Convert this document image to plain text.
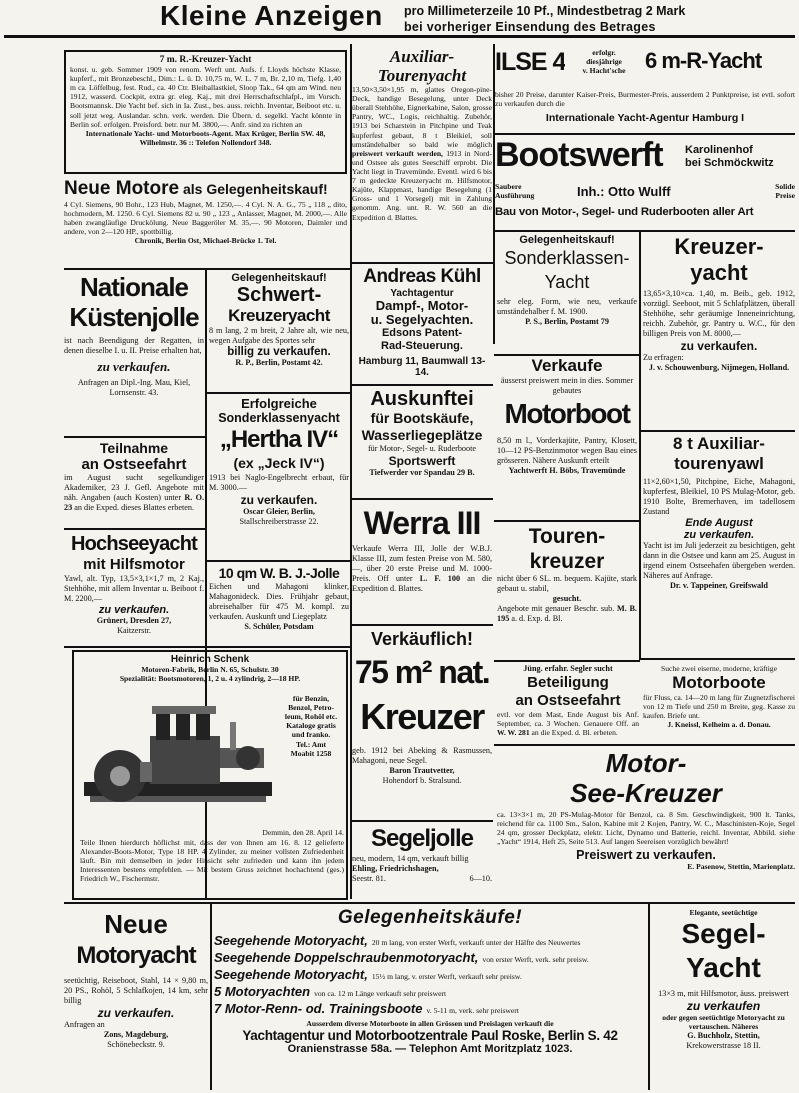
Kleine Anzeigen	pro Millimeterzeile 10 Pf., Mindestbetrag 2 Mark
bei vorheriger Einsendung des Betrages
7 m. R.-Kreuzer-Yacht
konst. u. geb. Sommer 1909 von renom. Werft unt. Aufs. f. Lloyds höchste Klasse, kupferf., mit Bronzebeschl., Dim.: L. ü. D. 10,75 m, W. L. 7 m, Br. 2,10 m, Tiefg. 1,40 m ca. Löffelbug, fest. Rud., ca. 40 Ctr. Bleiballastkiel, Sloop Tak., 64 qm am Wind. neu 1912, wasserd. Cockpit, extra gr. eleg. Kaj., mit drei Herrschaftschlafpl., im Vorsch. Bootsmannsk. Die Yacht bef. sich in Ia. Zust., bes. auss. reichh. Inventar, Beiboot etc. u. soll jetzt weg. Auslandar. schn. verk. werden. Die Übern. d. segelkl. Yacht könnte in Berlin sof. erfolgen. Preisford. betr. nur M. 3800,—. Anfr. sind zu richten an
Internationale Yacht- und Motorboots-Agent. Max Krüger, Berlin SW. 48, Wilhelmstr. 36 :: Telefon Nollendorf 348.
Neue Motore als Gelegenheitskauf!
4 Cyl. Siemens, 90 Bohr., 123 Hub, Magnet, M. 1250,—. 4 Cyl. N. A. G., 75 „ 118 „ dito, hochmodern, M. 1250. 6 Cyl. Siemens 82 u. 90 „ 123 „ Anlasser, Magnet, M. 2000,—. Alle haben zwangläufige Druckölung. Neue Baggeröler M. 35,—. 90 Motoren, Daimler und andere, von 2—120 HP., spottbillig.
Chronik, Berlin Ost, Michael-Brücke 1. Tel.
Auxiliar-
Tourenyacht
13,50×3,50×1,95 m, glattes Oregon-pine-Deck, handige Besegelung, unter Deck überall Stehhöhe, Eignerkabine, Salon, grosse Pantry, WC., Logis, reichhaltig. Zubehör, 1913 bei Scharstein in Pitchpine und Teak kupferfest gebaut, 8 t Bleikiel, soll umständehalber so bald wie möglich preiswert verkauft werden, 1913 in Nord- und Ostsee als gutes Seeschiff erprobt. Die Yacht liegt in Travemünde. Eventl. wird 6 bis 7 m gedeckte Kreuzeryacht m. Hilfsmotor, Kajüte, Klappmast, handige Besegelung (1 Gross- und 1 Vorsegel) mit in Zahlung genomm. Ang. unt. R. W. 560 an die Expedition d. Blattes.
ILSE 4	erfolgr.
diesjährige
v. Hacht'sche 6 m-R-Yacht
bisher 20 Preise, darunter Kaiser-Preis, Burmester-Preis, ausserdem 2 Punktpreise, ist evtl. sofort zu verkaufen durch die
Internationale Yacht-Agentur Hamburg I
Bootswerft	Karolinenhof
bei Schmöckwitz
Saubere
Ausführung	Inh.: Otto Wulff	Solide
Preise
Bau von Motor-, Segel- und Ruderbooten aller Art
Nationale
Küstenjolle
ist nach Beendigung der Regatten, in denen dieselbe I. u. II. Preise erhalten hat,
zu verkaufen.
Anfragen an Dipl.-Ing. Mau, Kiel, Lornsenstr. 43.
Gelegenheitskauf!
Schwert-
Kreuzeryacht
8 m lang, 2 m breit, 2 Jahre alt, wie neu, wegen Aufgabe des Sportes sehr
billig zu verkaufen.
R. P., Berlin, Postamt 42.
Andreas Kühl
Yachtagentur
Dampf-, Motor-
u. Segelyachten.
Edsons Patent-
Rad-Steuerung.
Hamburg 11, Baumwall 13-14.
Gelegenheitskauf!
Sonderklassen-
Yacht
sehr eleg. Form, wie neu, verkaufe umständehalber f. M. 1900.
P. S., Berlin, Postamt 79
Kreuzer-
yacht
13,65×3,10×ca. 1,40, m. Beib., geb. 1912, vorzügl. Seeboot, mit 5 Schlafplätzen, überall Stehhöhe, sehr geräumige Inneneinrichtung, reichh. Zubehör, gr. Pantry u. W.C., für den billigen Preis von M. 8000,—
zu verkaufen.
Zu erfragen:
J. v. Schouwenburg, Nijmegen, Holland.
Verkaufe
äusserst preiswert mein in dies. Sommer gebautes
Motorboot
8,50 m l., Vorderkajüte, Pantry, Klosett, 10—12 PS-Benzinmotor wegen Bau eines grösseren. Nähere Auskunft erteilt
Yachtwerft H. Böbs, Travemünde
Teilnahme
an Ostseefahrt
im August sucht segelkundiger Akademiker, 23 J. Gefl. Angebote mit näh. Angaben (auch Kosten) unter R. O. 23 an die Exped. dieses Blattes erbeten.
Erfolgreiche
Sonderklassenyacht
„Hertha IV“
(ex „Jeck IV“)
1913 bei Naglo-Engelbrecht erbaut, für M. 3000.—
zu verkaufen.
Oscar Gleier, Berlin,
Stallschreiberstrasse 22.
Auskunftei
für Bootskäufe,
Wasserliegeplätze
für Motor-, Segel- u. Ruderboote
Sportswerft
Tiefwerder vor Spandau 29 B.
Werra III
Verkaufe Werra III, Jolle der W.B.J. Klasse III, zum festen Preise von M. 580,—, über 20 erste Preise und M. 1000-Preis. Off unter L. F. 100 an die Expedition d. Blattes.
Touren-
kreuzer
nicht über 6 SL. m. bequem. Kajüte, stark gebaut u. stabil,
gesucht.
Angebote mit genauer Beschr. sub. M. B. 195 a. d. Exp. d. Bl.
8 t Auxiliar-
tourenyawl
11×2,60×1,50, Pitchpine, Eiche, Mahagoni, kupferfest, Bleikiel, 10 PS Mulag-Motor, geb. 1910 Bolte, Bremerhaven, im tadellosem Zustand
Ende August
zu verkaufen.
Yacht ist im Juli jederzeit zu besichtigen, geht dann in die Ostsee und kann am 25. August in irgend einem Ostseehafen übergeben werden. Näheres auf Anfrage.
Dr. v. Tappeiner, Greifswald
Hochseeyacht
mit Hilfsmotor
Yawl, alt. Typ, 13,5×3,1×1,7 m, 2 Kaj., Stehhöhe, mit allem Inventar u. Beiboot f. M. 2200,—
zu verkaufen.
Grünert, Dresden 27,
Kaitzerstr.
10 qm W. B. J.-Jolle
Eichen und Mahagoni klinker, Mahagonideck. Dies. Frühjahr gebaut, abreisehalber für 475 M. kompl. zu verkaufen. Auskunft und Liegeplatz
S. Schüler, Potsdam
Heinrich Schenk
Motoren-Fabrik, Berlin N. 65, Schulstr. 30
Spezialität: Bootsmotoren, 1, 2 u. 4 zylindrig, 2—18 HP.
für Benzin,
Benzol, Petro-
leum, Rohöl etc.
Kataloge gratis
und franko.
Tel.: Amt
Moabit 1258
Demmin, den 28. April 14.
Teile Ihnen hierdurch höflichst mit, dass der von Ihnen am 16. 8. 12 gelieferte Alexander-Boots-Motor, Type 18 HP. 4 Zylinder, zu meiner vollsten Zufriedenheit läuft. Bin mit demselben in jeder Hinsicht sehr zufrieden und kann ihn jedem Interessenten bestens empfehlen. — Mit bestem Gruss zeichnet hochachtend (ges.) Friedrich W., Fischermstr.
Verkäuflich!
75 m² nat.
Kreuzer
geb. 1912 bei Abeking & Rasmussen, Mahagoni, neue Segel.
Baron Trautvetter,
Hohendorf b. Stralsund.
Jüng. erfahr. Segler sucht
Beteiligung
an Ostseefahrt
evtl. vor dem Mast, Ende August bis Anf. September, ca. 3 Wochen. Genauere Off. an W. W. 281 an die Exped. d. Bl. erbeten.
Suche zwei eiserne, moderne, kräftige
Motorboote
für Fluss, ca. 14—20 m lang für Zugnetzfischerei von 12 m Tiefe und 250 m Breite, geg. Kasse zu kaufen. Briefe unt.
J. Kneissl, Kelheim a. d. Donau.
Motor-
See-Kreuzer
ca. 13×3×1 m, 20 PS-Mulag-Motor für Benzol, ca. 8 Sm. Geschwindigkeit, 900 lt. Tanks, reichend für ca. 1100 Sm., Salon, Kabine mit 2 Kojen, Pantry, W. C., Maschinisten-Koje, Segel 24 qm, grosser Deckplatz, elektr. Licht, Dynamo und Batterie, reichl. Inventar, Abbild. siehe „Yacht“ 1914, Heft 25, Seite 513. Auf langen Seereisen vorzüglich bewährt!
Preiswert zu verkaufen.
E. Pasenow, Stettin, Marienplatz.
Segeljolle
neu, modern, 14 qm, verkauft billig
Ehling, Friedrichshagen,
Seestr. 81.	6—10.
Neue
Motoryacht
seetüchtig, Reiseboot, Stahl, 14 × 9,80 m, 20 PS., Rohöl, 5 Schlafkojen, 14 km, sehr billig
zu verkaufen.
Anfragen an
Zons, Magdeburg,
Schönebeckstr. 9.
Gelegenheitskäufe!
Seegehende Motoryacht, 20 m lang, von erster Werft, verkauft unter der Hälfte des Neuwertes
Seegehende Doppelschraubenmotoryacht, von erster Werft, verk. sehr preisw.
Seegehende Motoryacht, 15½ m lang, v. erster Werft, verkauft sehr preisw.
5 Motoryachten von ca. 12 m Länge verkauft sehr preiswert
7 Motor-Renn- od. Trainingsboote v. 5-11 m, verk. sehr preiswert
Ausserdem diverse Motorboote in allen Grössen und Preislagen verkauft die
Yachtagentur und Motorbootzentrale Paul Roske, Berlin S. 42
Oranienstrasse 58a. — Telephon Amt Moritzplatz 1023.
Elegante, seetüchtige
Segel-
Yacht
13×3 m, mit Hilfsmotor, äuss. preiswert
zu verkaufen
oder gegen seetüchtige Motoryacht zu vertauschen. Näheres
G. Buchholz, Stettin,
Krekowerstrasse 18 II.
